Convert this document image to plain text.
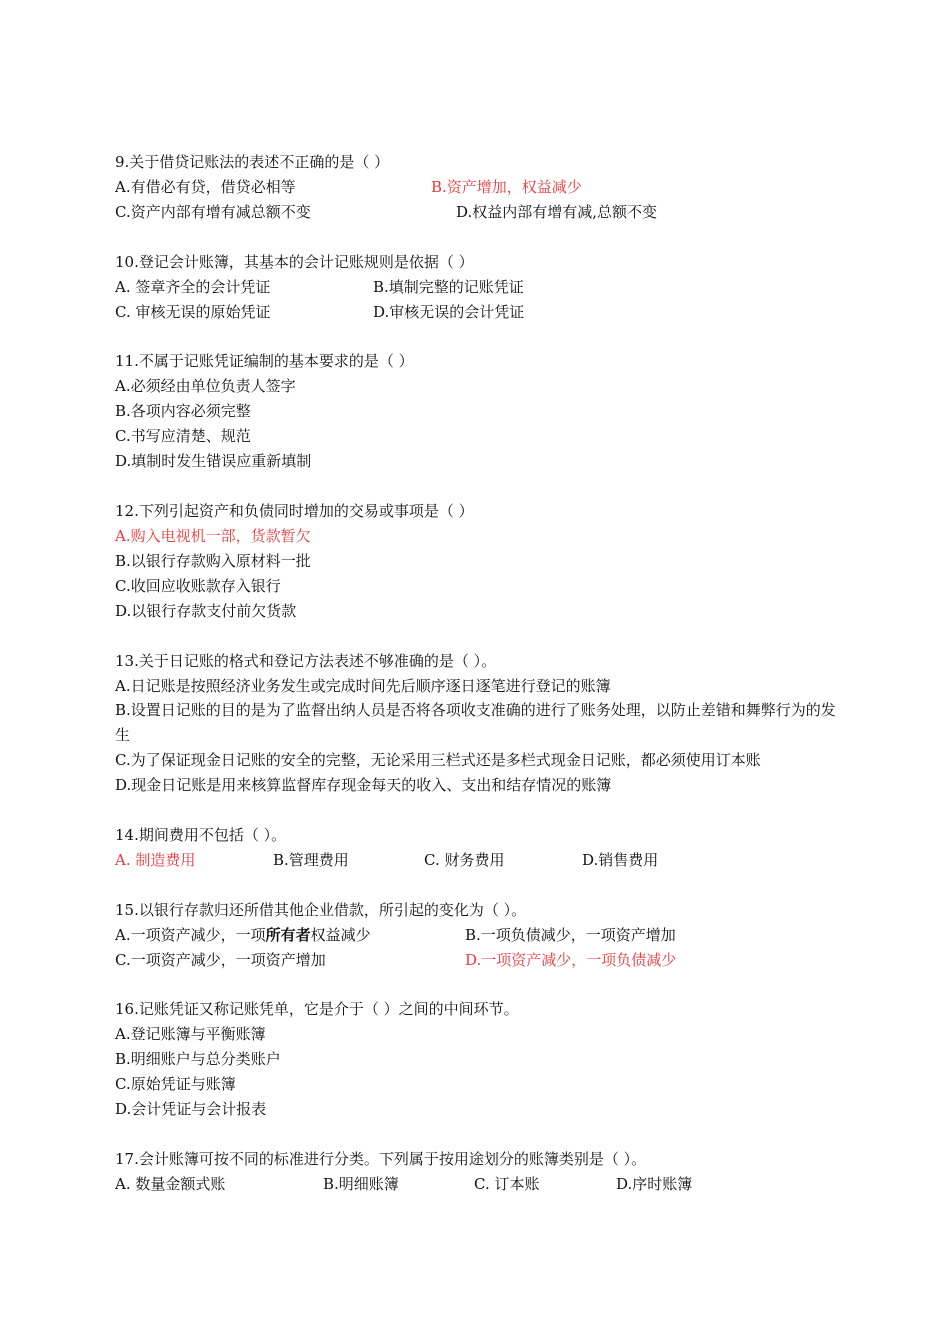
9.关于借贷记账法的表述不正确的是（ ）
A.有借必有贷，借贷必相等	B.资产增加，权益减少
C.资产内部有增有减总额不变	D.权益内部有增有减,总额不变
10.登记会计账簿，其基本的会计记账规则是依据（ ）
A. 签章齐全的会计凭证	B.填制完整的记账凭证
C. 审核无误的原始凭证	D.审核无误的会计凭证
11.不属于记账凭证编制的基本要求的是（ ）
A.必须经由单位负责人签字
B.各项内容必须完整
C.书写应清楚、规范
D.填制时发生错误应重新填制
12.下列引起资产和负债同时增加的交易或事项是（ ）
A.购入电视机一部，货款暂欠
B.以银行存款购入原材料一批
C.收回应收账款存入银行
D.以银行存款支付前欠货款
13.关于日记账的格式和登记方法表述不够准确的是（ ）。
A.日记账是按照经济业务发生或完成时间先后顺序逐日逐笔进行登记的账簿
B.设置日记账的目的是为了监督出纳人员是否将各项收支准确的进行了账务处理，以防止差错和舞弊行为的发生
C.为了保证现金日记账的安全的完整，无论采用三栏式还是多栏式现金日记账，都必须使用订本账
D.现金日记账是用来核算监督库存现金每天的收入、支出和结存情况的账簿
14.期间费用不包括（ ）。
A. 制造费用	B.管理费用	C. 财务费用	D.销售费用
15.以银行存款归还所借其他企业借款，所引起的变化为（ ）。
A.一项资产减少，一项所有者权益减少	B.一项负债减少，一项资产增加
C.一项资产减少，一项资产增加	D.一项资产减少，一项负债减少
16.记账凭证又称记账凭单，它是介于（ ）之间的中间环节。
A.登记账簿与平衡账簿
B.明细账户与总分类账户
C.原始凭证与账簿
D.会计凭证与会计报表
17.会计账簿可按不同的标准进行分类。下列属于按用途划分的账簿类别是（ ）。
A. 数量金额式账	B.明细账簿	C. 订本账	D.序时账簿
